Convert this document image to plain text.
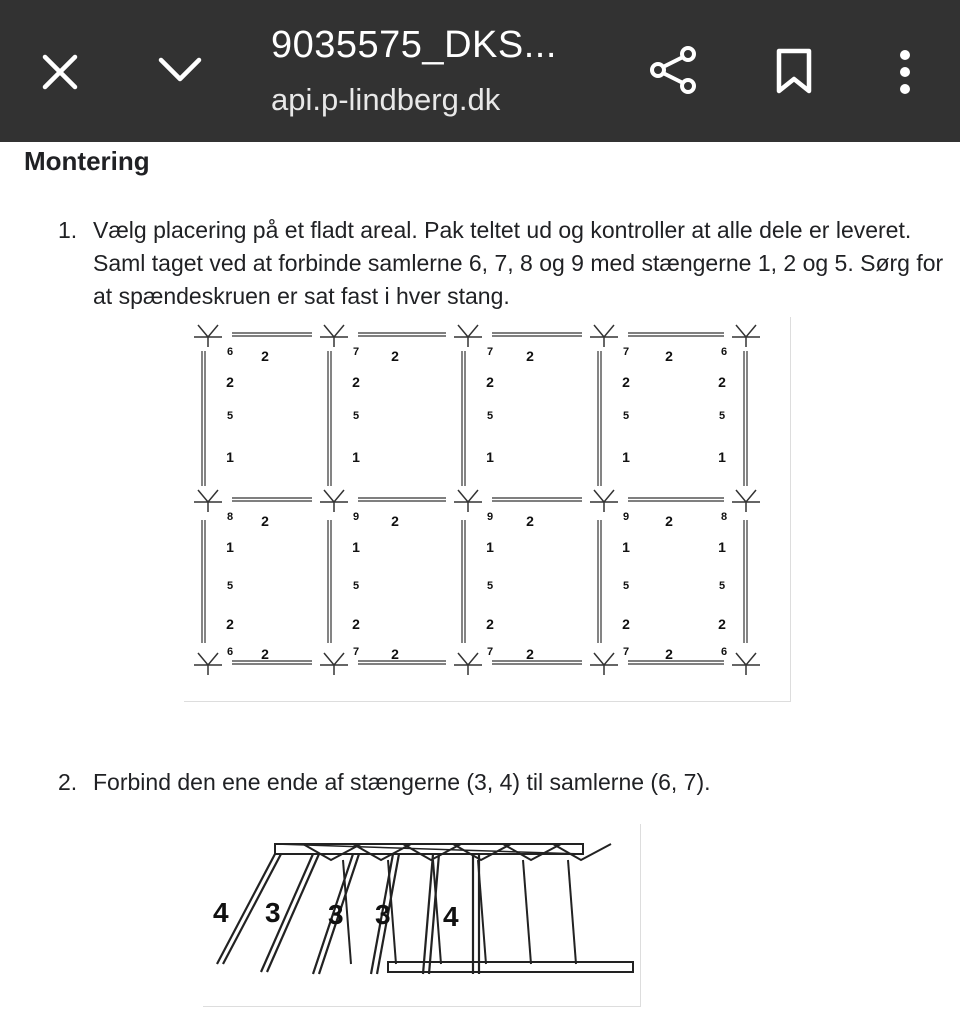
9035575_DKS...
api.p-lindberg.dk
Montering
1. Vælg placering på et fladt areal. Pak teltet ud og kontroller at alle dele er leveret. Saml taget ved at forbinde samlerne 6, 7, 8 og 9 med stængerne 1, 2 og 5. Sørg for at spændeskruen er sat fast i hver stang.
6	7	7	7	6
2	2	2	2
8	9	9	9	8
2	2	2	2
6	7	7	7	6
2	2	2	2
2
5
1
1
5
2
2
5
1
1
5
2
2
5
1
1
5
2
2
5
1
1
5
2
2
5
1
1
5
2
2. Forbind den ene ende af stængerne (3, 4) til samlerne (6, 7).
4 3 3 3 4
